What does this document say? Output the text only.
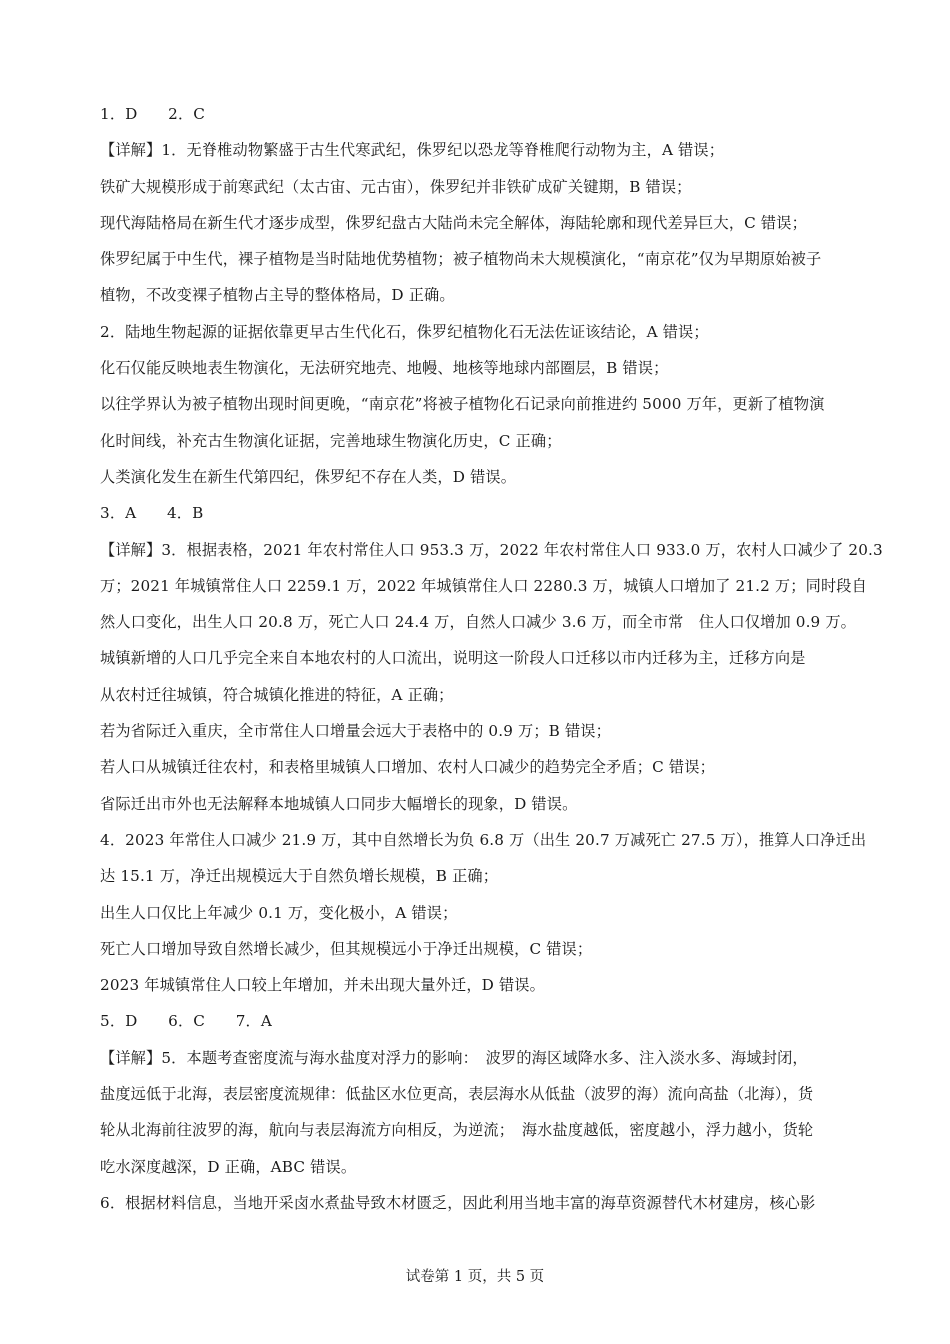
1．D　　2．C
【详解】1．无脊椎动物繁盛于古生代寒武纪，侏罗纪以恐龙等脊椎爬行动物为主，A 错误；
铁矿大规模形成于前寒武纪（太古宙、元古宙），侏罗纪并非铁矿成矿关键期，B 错误；
现代海陆格局在新生代才逐步成型，侏罗纪盘古大陆尚未完全解体，海陆轮廓和现代差异巨大，C 错误；
侏罗纪属于中生代，裸子植物是当时陆地优势植物；被子植物尚未大规模演化，“南京花”仅为早期原始被子
植物，不改变裸子植物占主导的整体格局，D 正确。
2．陆地生物起源的证据依靠更早古生代化石，侏罗纪植物化石无法佐证该结论，A 错误；
化石仅能反映地表生物演化，无法研究地壳、地幔、地核等地球内部圈层，B 错误；
以往学界认为被子植物出现时间更晚，“南京花”将被子植物化石记录向前推进约 5000 万年，更新了植物演
化时间线，补充古生物演化证据，完善地球生物演化历史，C 正确；
人类演化发生在新生代第四纪，侏罗纪不存在人类，D 错误。
3．A　　4．B
【详解】3．根据表格，2021 年农村常住人口 953.3 万，2022 年农村常住人口 933.0 万，农村人口减少了 20.3
万；2021 年城镇常住人口 2259.1 万，2022 年城镇常住人口 2280.3 万，城镇人口增加了 21.2 万；同时段自
然人口变化，出生人口 20.8 万，死亡人口 24.4 万，自然人口减少 3.6 万，而全市常　住人口仅增加 0.9 万。
城镇新增的人口几乎完全来自本地农村的人口流出，说明这一阶段人口迁移以市内迁移为主，迁移方向是
从农村迁往城镇，符合城镇化推进的特征，A 正确；
若为省际迁入重庆，全市常住人口增量会远大于表格中的 0.9 万；B 错误；
若人口从城镇迁往农村，和表格里城镇人口增加、农村人口减少的趋势完全矛盾；C 错误；
省际迁出市外也无法解释本地城镇人口同步大幅增长的现象，D 错误。
4．2023 年常住人口减少 21.9 万，其中自然增长为负 6.8 万（出生 20.7 万减死亡 27.5 万），推算人口净迁出
达 15.1 万，净迁出规模远大于自然负增长规模，B 正确；
出生人口仅比上年减少 0.1 万，变化极小，A 错误；
死亡人口增加导致自然增长减少，但其规模远小于净迁出规模，C 错误；
2023 年城镇常住人口较上年增加，并未出现大量外迁，D 错误。
5．D　　6．C　　7．A
【详解】5．本题考查密度流与海水盐度对浮力的影响：　波罗的海区域降水多、注入淡水多、海域封闭，
盐度远低于北海，表层密度流规律：低盐区水位更高，表层海水从低盐（波罗的海）流向高盐（北海），货
轮从北海前往波罗的海，航向与表层海流方向相反，为逆流；　海水盐度越低，密度越小，浮力越小，货轮
吃水深度越深，D 正确，ABC 错误。
6．根据材料信息，当地开采卤水煮盐导致木材匮乏，因此利用当地丰富的海草资源替代木材建房，核心影
试卷第 1 页，共 5 页
